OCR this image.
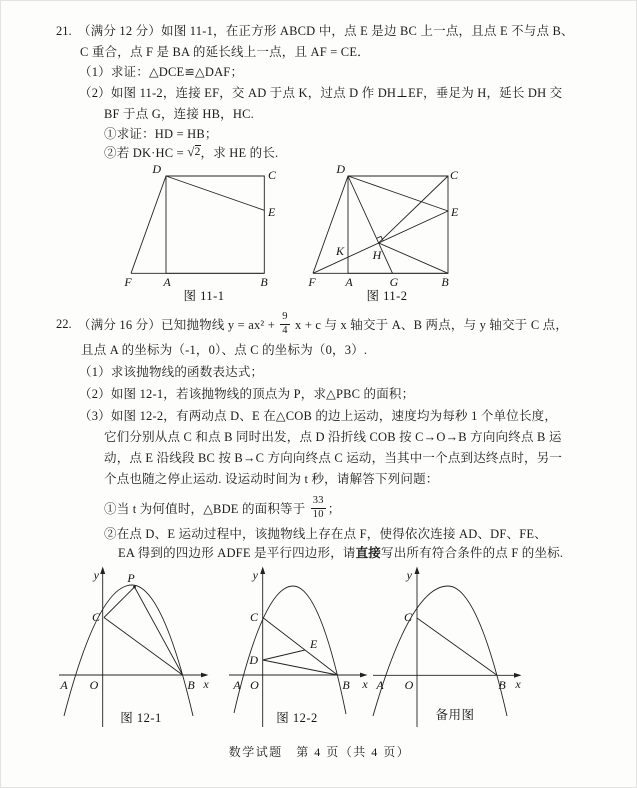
21. （满分 12 分）如图 11-1，在正方形 ABCD 中，点 E 是边 BC 上一点，且点 E 不与点 B、
C 重合，点 F 是 BA 的延长线上一点，且 AF = CE．
（1）求证：△DCE≌△DAF；
（2）如图 11-2，连接 EF，交 AD 于点 K，过点 D 作 DH⊥EF，垂足为 H，延长 DH 交
BF 于点 G，连接 HB，HC.
①求证：HD = HB；
②若 DK·HC = √ 2 ，求 HE 的长.
D	C
E
F	A	B
图 11-1
D	C
E
K H
F A	G	B
图 11-2
22. （满分 16 分）已知抛物线 $y = ax^2 + \frac{9}{4}$ x + c 与 x 轴交于 A、B 两点，与 y 轴交于 C 点，
且点 A 的坐标为（-1，0）、点 C 的坐标为（0，3）.
（1）求该抛物线的函数表达式；
（2）如图 12-1，若该抛物线的顶点为 P，求△PBC 的面积；
（3）如图 12-2，有两动点 D、E 在△COB 的边上运动，速度均为每秒 1 个单位长度，
它们分别从点 C 和点 B 同时出发，点 D 沿折线 COB 按 C→O→B 方向向终点 B 运
动，点 E 沿线段 BC 按 B→C 方向向终点 C 运动，当其中一个点到达终点时，另一
个点也随之停止运动. 设运动时间为 t 秒，请解答下列问题：
①当 t 为何值时，△BDE 的面积等于 $\frac{33}{10}$ ；
②在点 D、E 运动过程中，该抛物线上存在点 F，使得依次连接 AD、DF、FE、
EA 得到的四边形 ADFE 是平行四边形，请 直接 写出所有符合条件的点 F 的坐标.
y P
C
A O	B x
图 12-1
y
C
D
E
A O	B x
图 12-2
y
C
A O	B x
备用图
数学试题　第 4 页（共 4 页）
